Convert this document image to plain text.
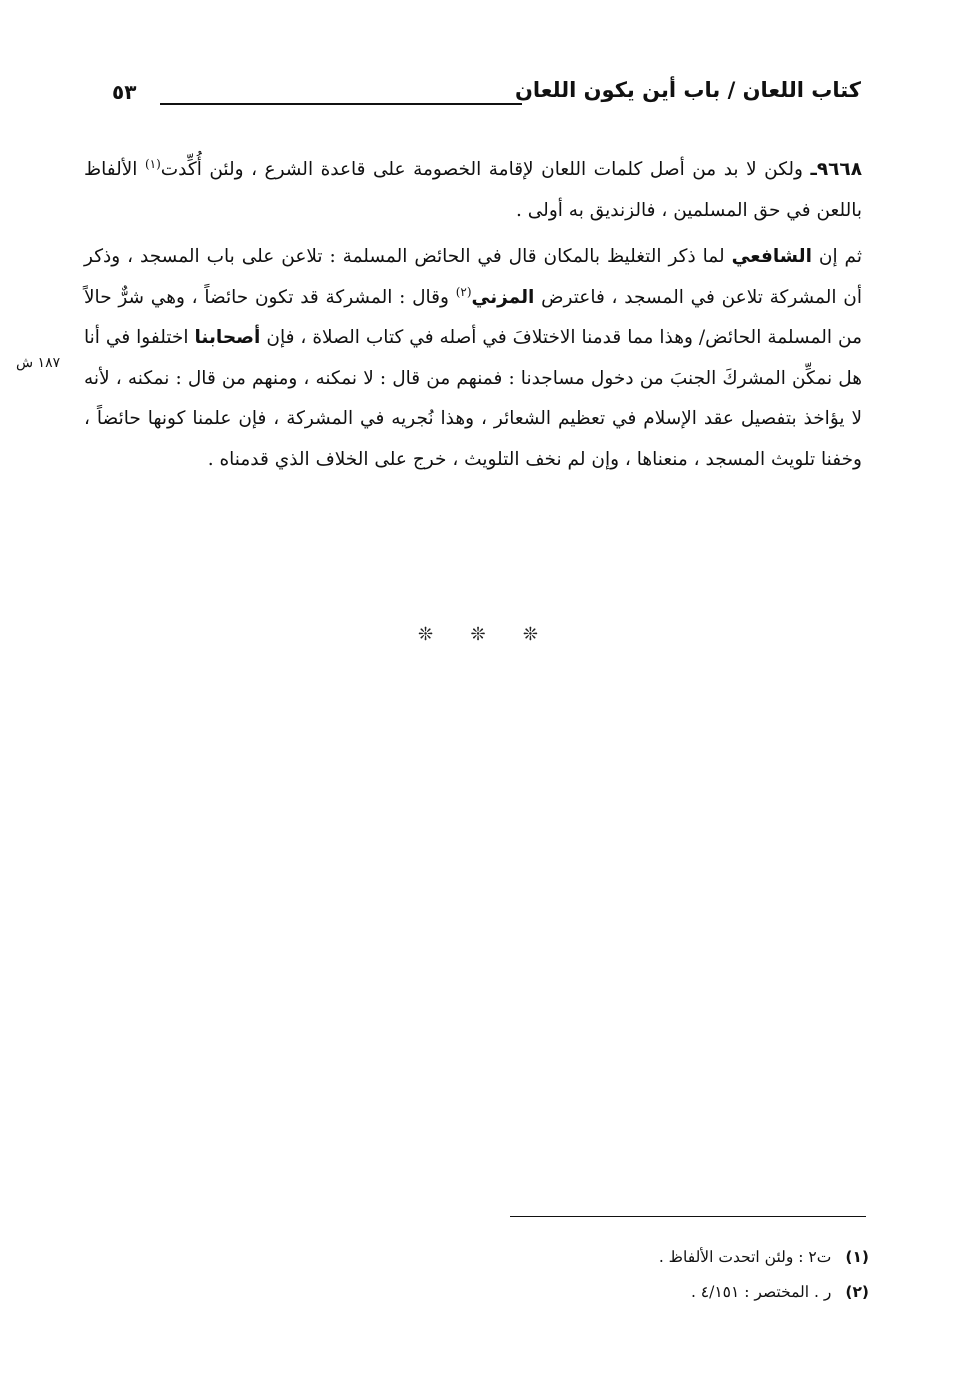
كتاب اللعان / باب أين يكون اللعان
٥٣

٩٦٦٨ـ ولكن لا بد من أصل كلمات اللعان لإقامة الخصومة على قاعدة الشرع ، ولئن أُكِّدت$^{(١)}$ الألفاظ باللعن في حق المسلمين ، فالزنديق به أولى .

ثم إن الشافعي لما ذكر التغليظ بالمكان قال في الحائض المسلمة : تلاعن على باب المسجد ، وذكر أن المشركة تلاعن في المسجد ، فاعترض المزني$^{(٢)}$ وقال : المشركة قد تكون حائضاً ، وهي شرٌّ حالاً من المسلمة الحائض/ وهذا مما قدمنا الاختلافَ في أصله في كتاب الصلاة ، فإن أصحابنا اختلفوا في أنا هل نمكِّن المشركَ الجنبَ من دخول مساجدنا : فمنهم من قال : لا نمكنه ، ومنهم من قال : نمكنه ، لأنه لا يؤاخذ بتفصيل عقد الإسلام في تعظيم الشعائر ، وهذا نُجريه في المشركة ، فإن علمنا كونها حائضاً ، وخفنا تلويث المسجد ، منعناها ، وإن لم نخف التلويث ، خرج على الخلاف الذي قدمناه .

١٨٧ ش
❊ ❊ ❊
(١)ت٢ : ولئن اتحدت الألفاظ .
(٢)ر . المختصر : ٤/١٥١ .
